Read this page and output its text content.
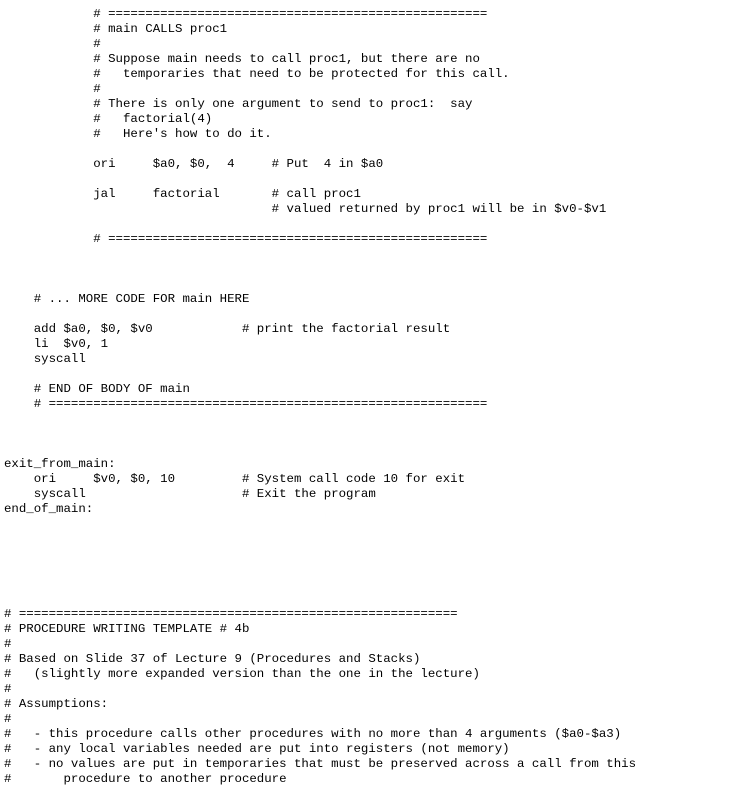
# ===================================================
# main CALLS proc1
#
# Suppose main needs to call proc1, but there are no
#   temporaries that need to be protected for this call.
#
# There is only one argument to send to proc1:  say
#   factorial(4)
#   Here's how to do it.
ori     $a0, $0,  4     # Put  4 in $a0
jal     factorial       # call proc1
# valued returned by proc1 will be in $v0-$v1
# ===================================================
# ... MORE CODE FOR main HERE
add $a0, $0, $v0            # print the factorial result
li  $v0, 1
syscall
# END OF BODY OF main
# ===========================================================
exit_from_main:
ori     $v0, $0, 10         # System call code 10 for exit
syscall                     # Exit the program
end_of_main:
# ===========================================================
# PROCEDURE WRITING TEMPLATE # 4b
#
# Based on Slide 37 of Lecture 9 (Procedures and Stacks)
#   (slightly more expanded version than the one in the lecture)
#
# Assumptions:
#
#   - this procedure calls other procedures with no more than 4 arguments ($a0-$a3)
#   - any local variables needed are put into registers (not memory)
#   - no values are put in temporaries that must be preserved across a call from this
#       procedure to another procedure
